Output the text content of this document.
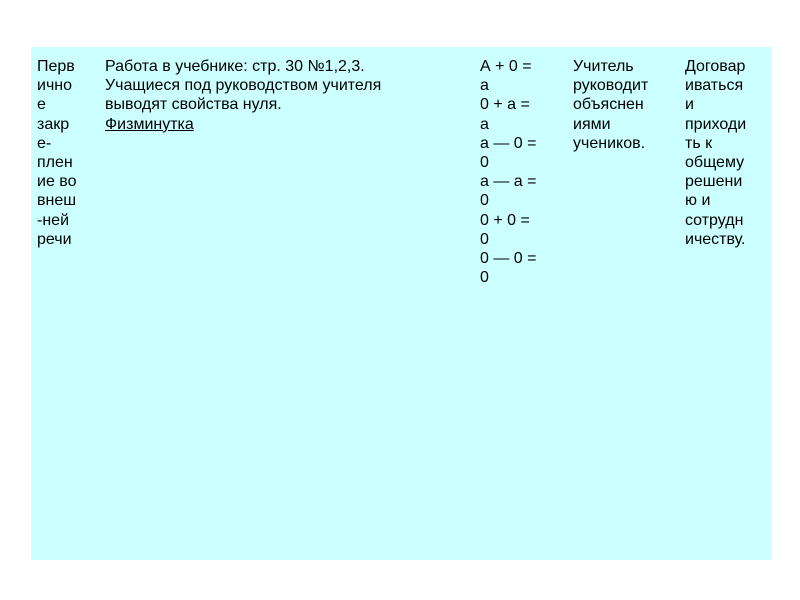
Перв
ично
е
закр
е-
плен
ие во
внеш
-ней
речи
Работа в учебнике: стр. 30 №1,2,3.
Учащиеся под руководством учителя
выводят свойства нуля.
Физминутка
А + 0 =
а
0 + а =
а
а — 0 =
0
а — а =
0
0 + 0 =
0
0 — 0 =
0
Учитель
руководит
объяснен
иями
учеников.
Договар
иваться
и
приходи
ть к
общему
решени
ю и
сотрудн
ичеству.
